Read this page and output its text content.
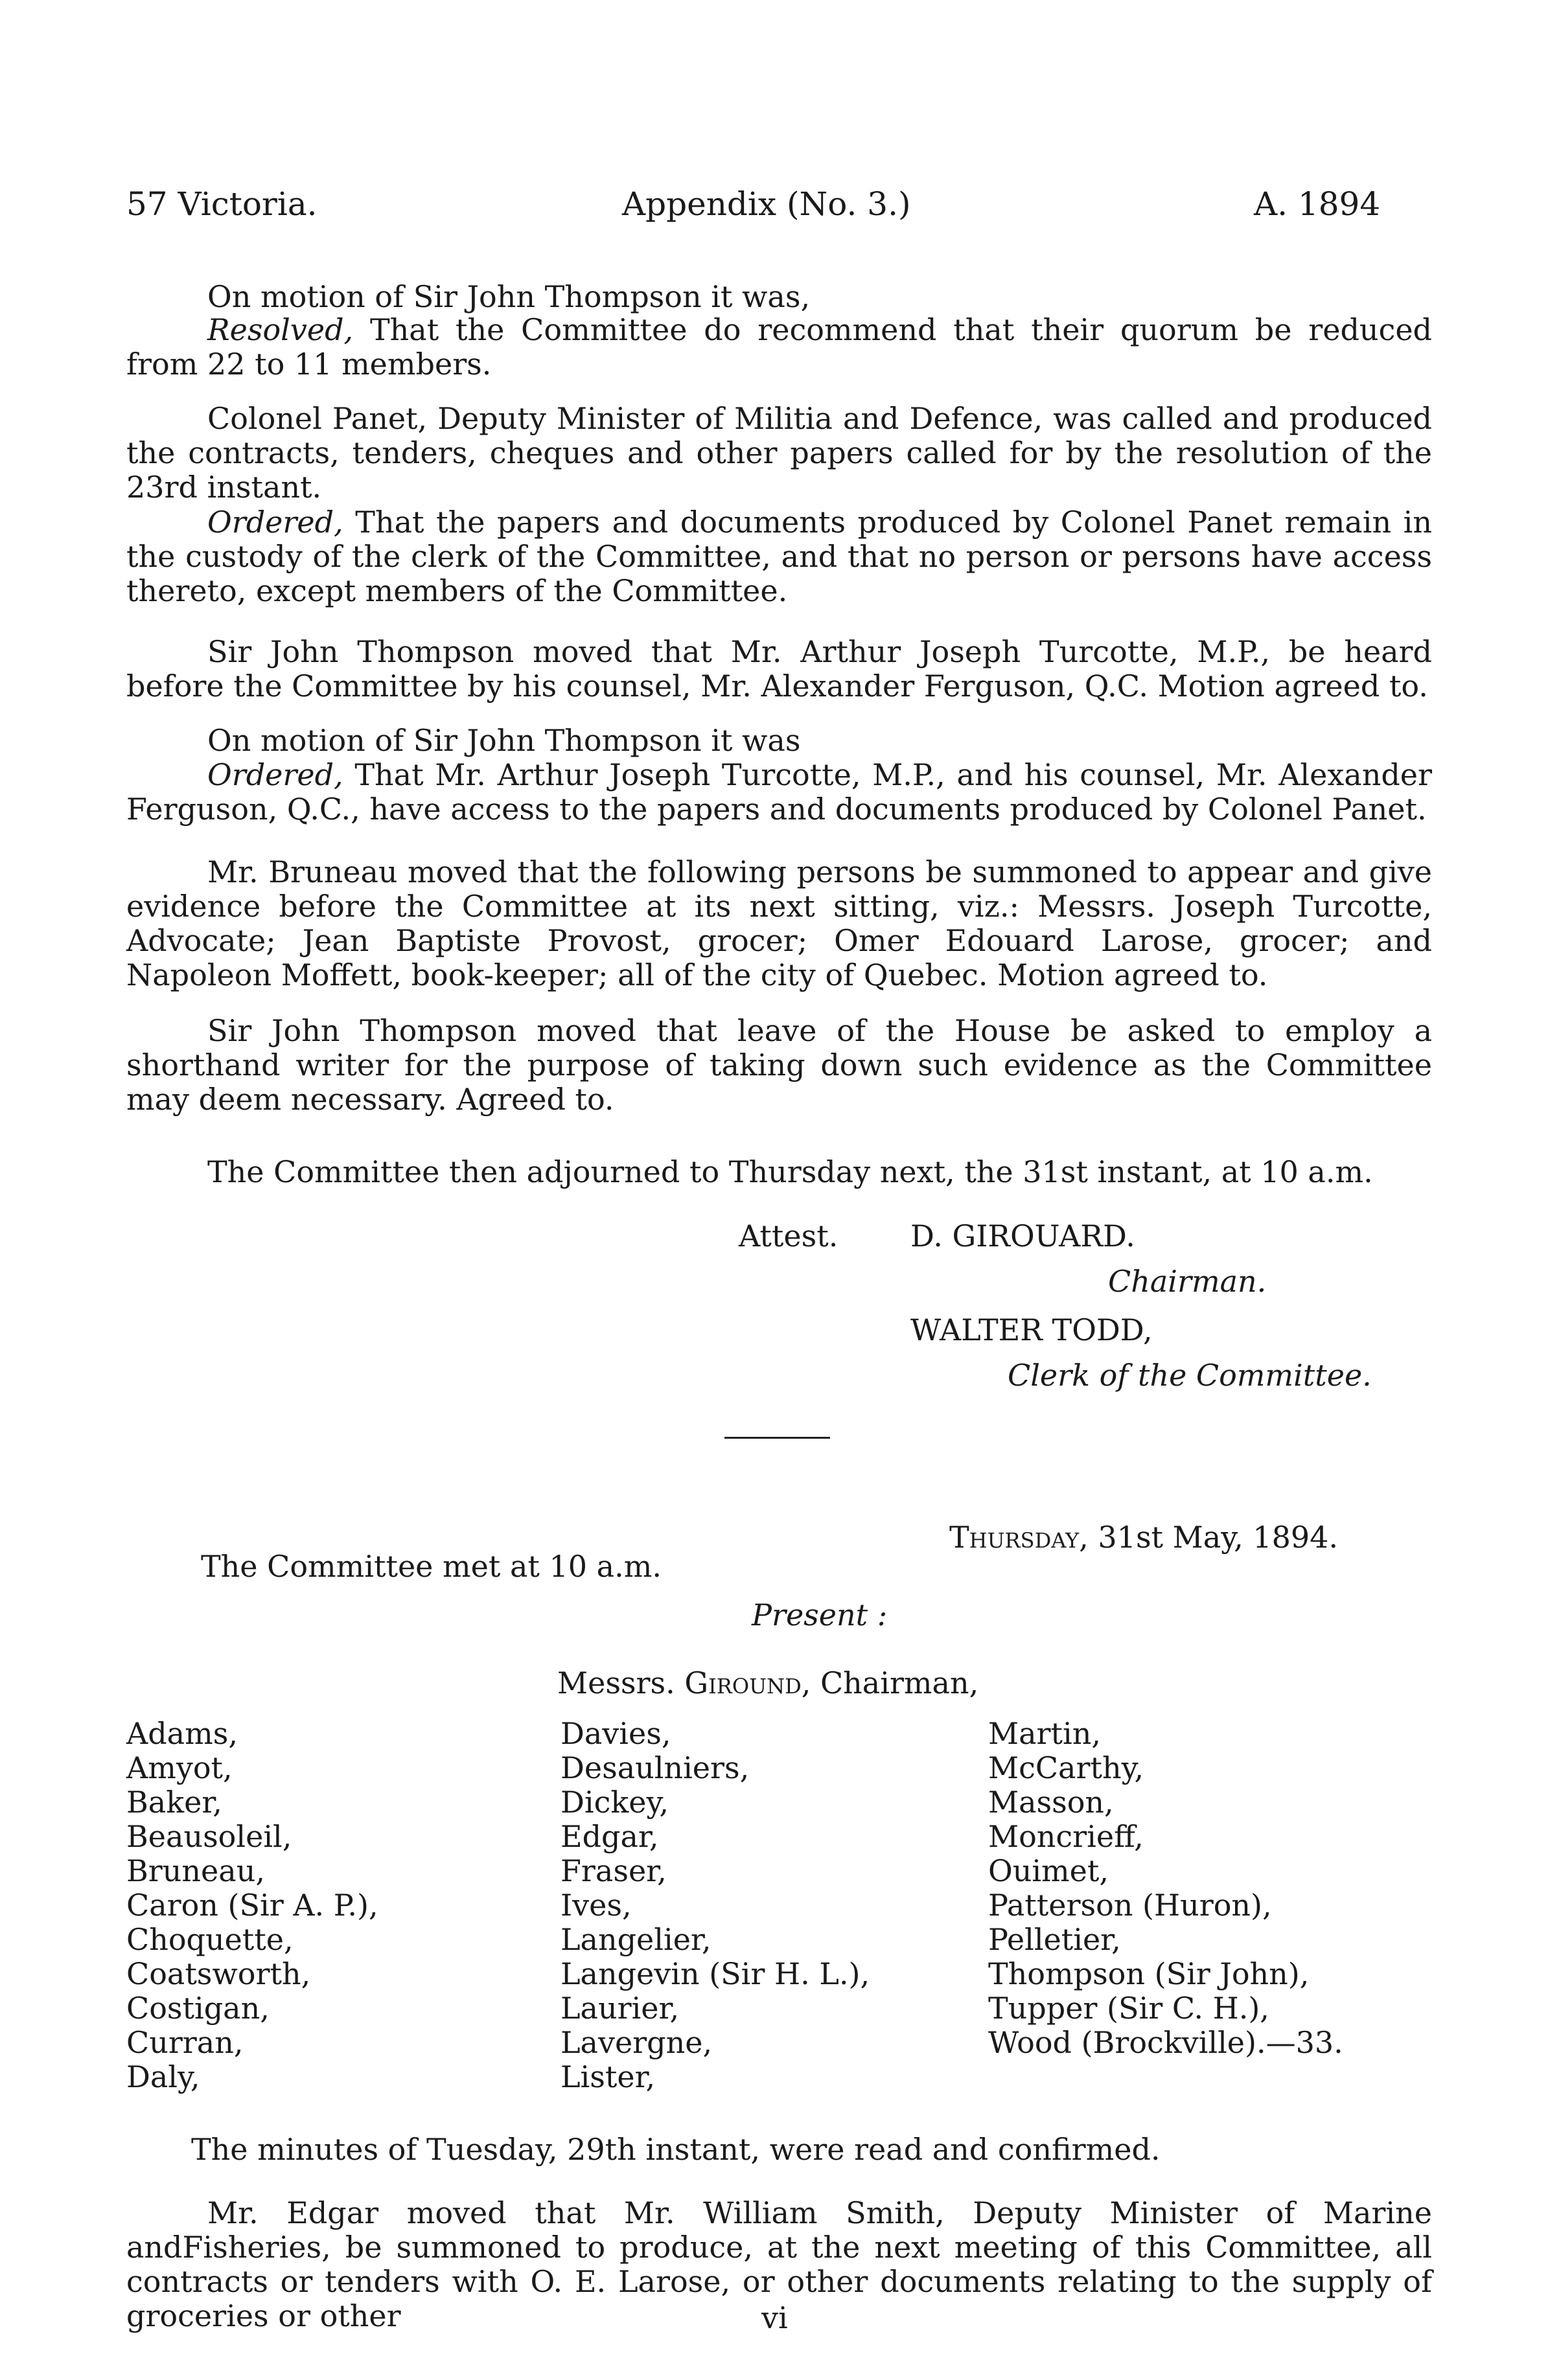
57 Victoria.	Appendix (No. 3.)	A. 1894
On motion of Sir John Thompson it was,
Resolved, That the Committee do recommend that their quorum be reduced from 22 to 11 members.
Colonel Panet, Deputy Minister of Militia and Defence, was called and produced the contracts, tenders, cheques and other papers called for by the resolution of the 23rd instant.
Ordered, That the papers and documents produced by Colonel Panet remain in the custody of the clerk of the Committee, and that no person or persons have access thereto, except members of the Committee.
Sir John Thompson moved that Mr. Arthur Joseph Turcotte, M.P., be heard before the Committee by his counsel, Mr. Alexander Ferguson, Q.C. Motion agreed to.
On motion of Sir John Thompson it was
Ordered, That Mr. Arthur Joseph Turcotte, M.P., and his counsel, Mr. Alexander Ferguson, Q.C., have access to the papers and documents produced by Colonel Panet.
Mr. Bruneau moved that the following persons be summoned to appear and give evidence before the Committee at its next sitting, viz.: Messrs. Joseph Turcotte, Advocate; Jean Baptiste Provost, grocer; Omer Edouard Larose, grocer; and Napoleon Moffett, book-keeper; all of the city of Quebec. Motion agreed to.
Sir John Thompson moved that leave of the House be asked to employ a shorthand writer for the purpose of taking down such evidence as the Committee may deem necessary. Agreed to.
The Committee then adjourned to Thursday next, the 31st instant, at 10 a.m.
Attest. D. GIROUARD.
Chairman.
WALTER TODD,
Clerk of the Committee.
Thursday, 31st May, 1894.
The Committee met at 10 a.m.
Present :
Messrs. Giround, Chairman,
Adams,
Amyot,
Baker,
Beausoleil,
Bruneau,
Caron (Sir A. P.),
Choquette,
Coatsworth,
Costigan,
Curran,
Daly,
Davies,
Desaulniers,
Dickey,
Edgar,
Fraser,
Ives,
Langelier,
Langevin (Sir H. L.),
Laurier,
Lavergne,
Lister,
Martin,
McCarthy,
Masson,
Moncrieff,
Ouimet,
Patterson (Huron),
Pelletier,
Thompson (Sir John),
Tupper (Sir C. H.),
Wood (Brockville).—33.
The minutes of Tuesday, 29th instant, were read and confirmed.
Mr. Edgar moved that Mr. William Smith, Deputy Minister of Marine andFisheries, be summoned to produce, at the next meeting of this Committee, all contracts or tenders with O. E. Larose, or other documents relating to the supply of groceries or other	vi
